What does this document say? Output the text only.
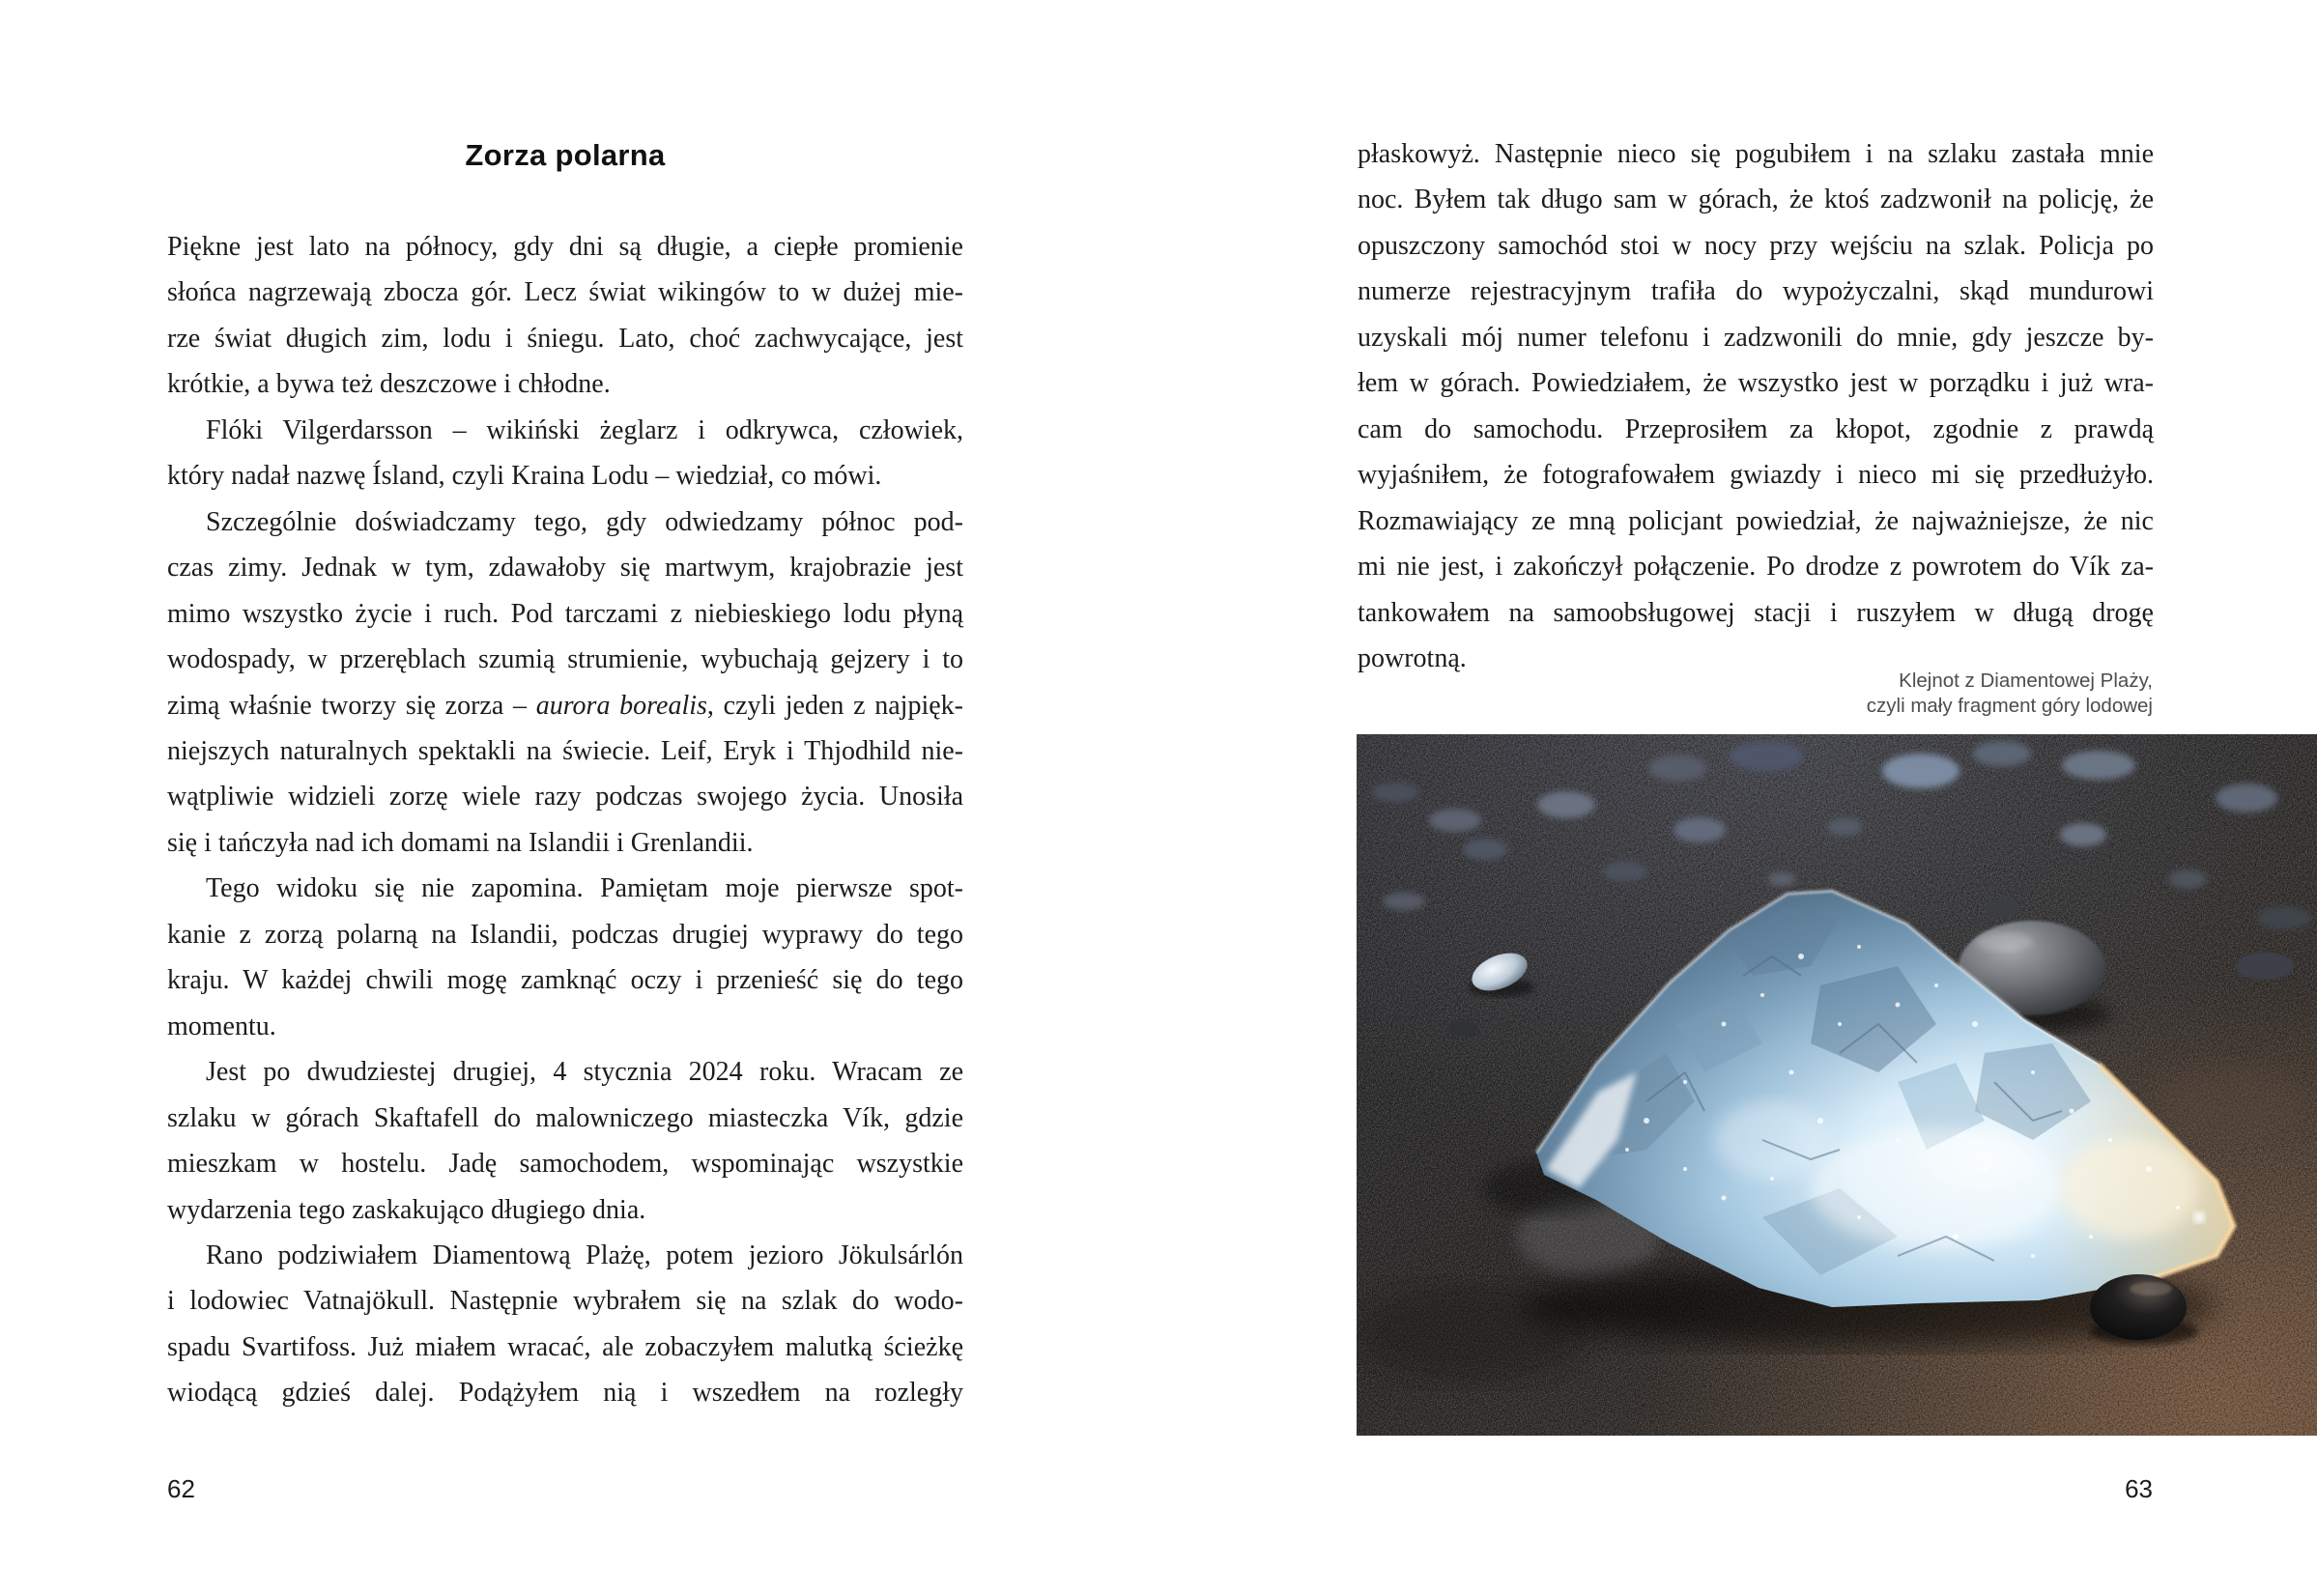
Zorza polarna
Piękne jest lato na północy, gdy dni są długie, a ciepłe promienie
słońca nagrzewają zbocza gór. Lecz świat wikingów to w dużej mie-
rze świat długich zim, lodu i śniegu. Lato, choć zachwycające, jest
krótkie, a bywa też deszczowe i chłodne.
Flóki Vilgerdarsson – wikiński żeglarz i odkrywca, człowiek,
który nadał nazwę Ísland, czyli Kraina Lodu – wiedział, co mówi.
Szczególnie doświadczamy tego, gdy odwiedzamy północ pod-
czas zimy. Jednak w tym, zdawałoby się martwym, krajobrazie jest
mimo wszystko życie i ruch. Pod tarczami z niebieskiego lodu płyną
wodospady, w przeręblach szumią strumienie, wybuchają gejzery i to
zimą właśnie tworzy się zorza – aurora borealis, czyli jeden z najpięk-
niejszych naturalnych spektakli na świecie. Leif, Eryk i Thjodhild nie-
wątpliwie widzieli zorzę wiele razy podczas swojego życia. Unosiła
się i tańczyła nad ich domami na Islandii i Grenlandii.
Tego widoku się nie zapomina. Pamiętam moje pierwsze spot-
kanie z zorzą polarną na Islandii, podczas drugiej wyprawy do tego
kraju. W każdej chwili mogę zamknąć oczy i przenieść się do tego
momentu.
Jest po dwudziestej drugiej, 4 stycznia 2024 roku. Wracam ze
szlaku w górach Skaftafell do malowniczego miasteczka Vík, gdzie
mieszkam w hostelu. Jadę samochodem, wspominając wszystkie
wydarzenia tego zaskakująco długiego dnia.
Rano podziwiałem Diamentową Plażę, potem jezioro Jökulsárlón
i lodowiec Vatnajökull. Następnie wybrałem się na szlak do wodo-
spadu Svartifoss. Już miałem wracać, ale zobaczyłem malutką ścieżkę
wiodącą gdzieś dalej. Podążyłem nią i wszedłem na rozległy
62
płaskowyż. Następnie nieco się pogubiłem i na szlaku zastała mnie
noc. Byłem tak długo sam w górach, że ktoś zadzwonił na policję, że
opuszczony samochód stoi w nocy przy wejściu na szlak. Policja po
numerze rejestracyjnym trafiła do wypożyczalni, skąd mundurowi
uzyskali mój numer telefonu i zadzwonili do mnie, gdy jeszcze by-
łem w górach. Powiedziałem, że wszystko jest w porządku i już wra-
cam do samochodu. Przeprosiłem za kłopot, zgodnie z prawdą
wyjaśniłem, że fotografowałem gwiazdy i nieco mi się przedłużyło.
Rozmawiający ze mną policjant powiedział, że najważniejsze, że nic
mi nie jest, i zakończył połączenie. Po drodze z powrotem do Vík za-
tankowałem na samoobsługowej stacji i ruszyłem w długą drogę
powrotną.
Klejnot z Diamentowej Plaży,
czyli mały fragment góry lodowej
63
